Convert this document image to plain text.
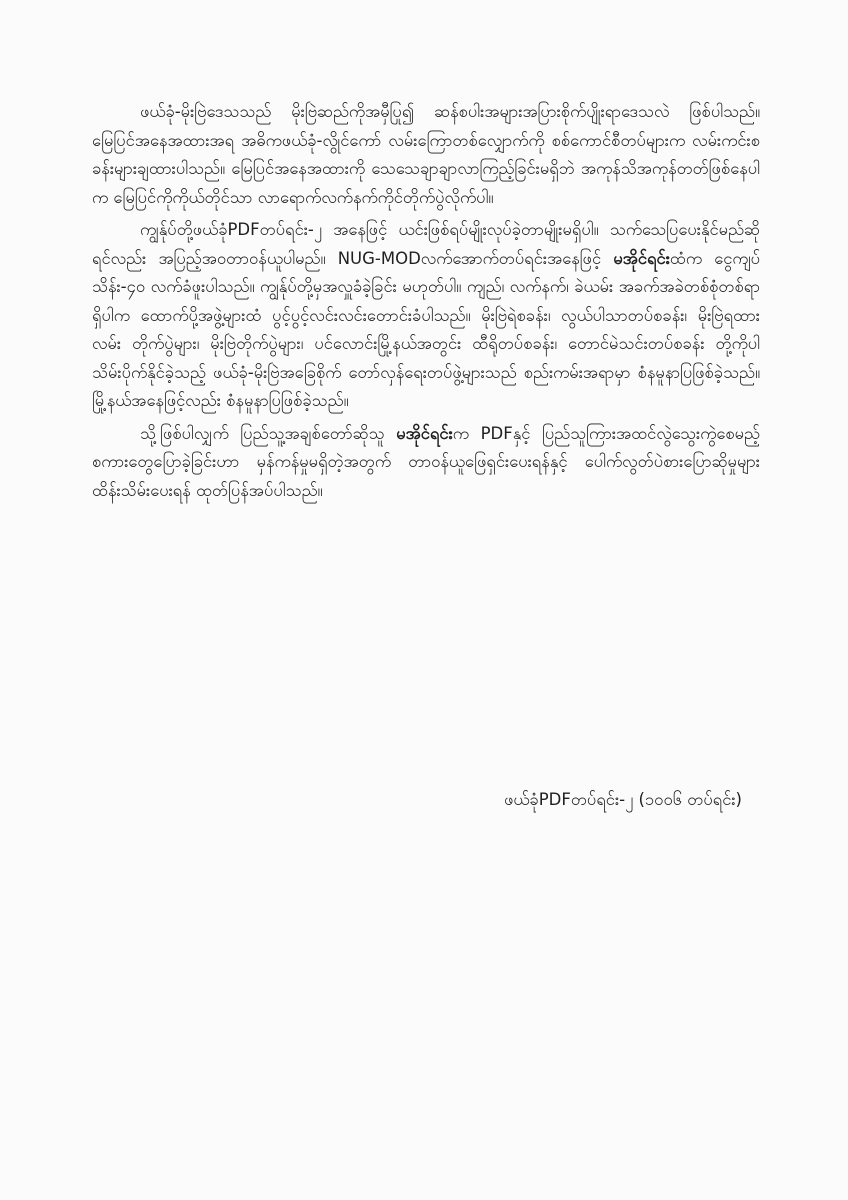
ဖယ်ခုံ-မိုးဗြဲဒေသသည် မိုးဗြဲဆည်ကိုအမှီပြု၍ ဆန်စပါးအများအပြားစိုက်ပျိုးရာဒေသလဲ ဖြစ်ပါသည်။ မြေပြင်အနေအထားအရ အဓိကဖယ်ခုံ-လွိုင်ကော် လမ်းကြောတစ်လျှောက်ကို စစ်ကောင်စီတပ်များက လမ်းကင်းစခန်းများချထားပါသည်။ မြေပြင်အနေအထားကို သေသေချာချာလာကြည့်ခြင်းမရှိဘဲ အကုန်သိအကုန်တတ်ဖြစ်နေပါက မြေပြင်ကိုကိုယ်တိုင်သာ လာရောက်လက်နက်ကိုင်တိုက်ပွဲလိုက်ပါ။

ကျွန်ုပ်တို့ဖယ်ခုံPDFတပ်ရင်း-၂ အနေဖြင့် ယင်းဖြစ်ရပ်မျိုးလုပ်ခဲ့တာမျိုးမရှိပါ။ သက်သေပြပေးနိုင်မည်ဆိုရင်လည်း အပြည့်အဝတာဝန်ယူပါမည်။ NUG-MODလက်အောက်တပ်ရင်းအနေဖြင့် မအိုင်ရင်းထံက ငွေကျပ်သိန်း-၄၀ လက်ခံဖူးပါသည်။ ကျွန်ုပ်တို့မှအလှူခံခဲ့ခြင်း မဟုတ်ပါ။ ကျည်၊ လက်နက်၊ ခဲယမ်း အခက်အခဲတစ်စုံတစ်ရာရှိပါက ထောက်ပို့အဖွဲ့များထံ ပွင့်ပွင့်လင်းလင်းတောင်းခံပါသည်။ မိုးဗြဲရဲစခန်း၊ လွယ်ပါသာတပ်စခန်း၊ မိုးဗြဲရထားလမ်း တိုက်ပွဲများ၊ မိုးဗြဲတိုက်ပွဲများ၊ ပင်လောင်းမြို့နယ်အတွင်း ထီရိုတပ်စခန်း၊ တောင်မဲသင်းတပ်စခန်း တို့ကိုပါသိမ်းပိုက်နိုင်ခဲ့သည့် ဖယ်ခုံ-မိုးဗြဲအခြေစိုက် တော်လှန်ရေးတပ်ဖွဲ့များသည် စည်းကမ်းအရာမှာ စံနမူနာပြဖြစ်ခဲ့သည်။ မြို့နယ်အနေဖြင့်လည်း စံနမူနာပြဖြစ်ခဲ့သည်။

သို့ဖြစ်ပါလျှက် ပြည်သူ့အချစ်တော်ဆိုသူ မအိုင်ရင်းက PDFနှင့် ပြည်သူကြားအထင်လွဲသွေးကွဲစေမည့် စကားတွေပြောခဲ့ခြင်းဟာ မှန်ကန်မှုမရှိတဲ့အတွက် တာဝန်ယူဖြေရှင်းပေးရန်နှင့် ပေါက်လွတ်ပဲစားပြောဆိုမှုများ ထိန်းသိမ်းပေးရန် ထုတ်ပြန်အပ်ပါသည်။

ဖယ်ခုံPDFတပ်ရင်း-၂ (၁၀၀၆ တပ်ရင်း)
